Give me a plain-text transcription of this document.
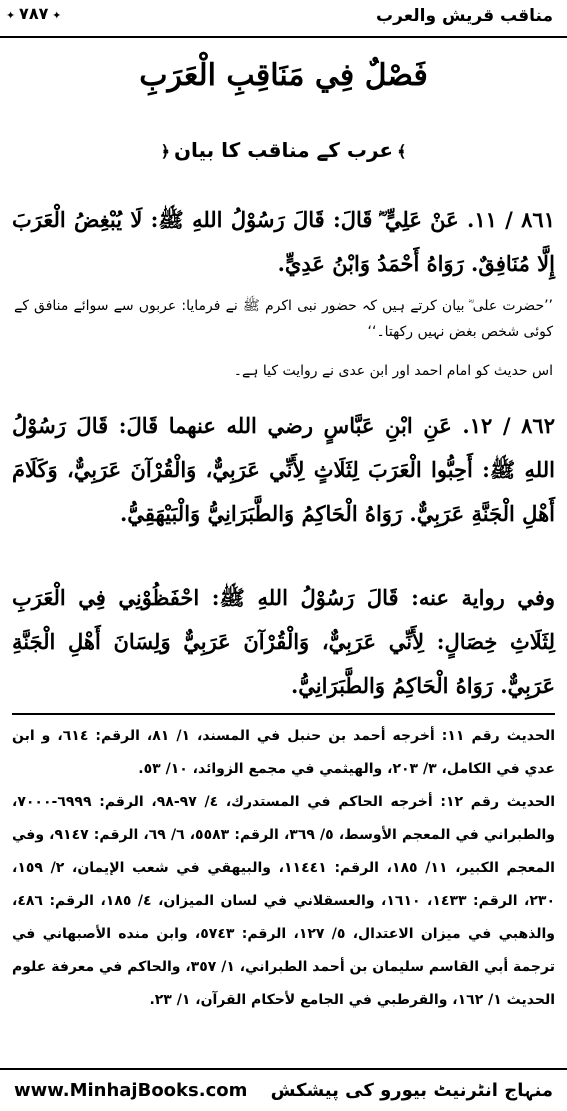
مناقب قريش والعرب
✦ ٧٨٧ ✦
فَصْلٌ فِي مَنَاقِبِ الْعَرَبِ
﴾عرب کے مناقب کا بیان﴿
٨٦١ / ١١. عَنْ عَلِيٍّ ؓ قَالَ: قَالَ رَسُوْلُ اللهِ ﷺ: لَا يُبْغِضُ الْعَرَبَ إِلَّا مُنَافِقٌ. رَوَاهُ أَحْمَدُ وَابْنُ عَدِيٍّ.
’’حضرت علی ؓ بیان کرتے ہیں کہ حضور نبی اکرم ﷺ نے فرمایا: عربوں سے سوائے منافق کے کوئی شخص بغض نہیں رکھتا۔‘‘
اس حدیث کو امام احمد اور ابن عدی نے روایت کیا ہے۔
٨٦٢ / ١٢. عَنِ ابْنِ عَبَّاسٍ رضي الله عنهما قَالَ: قَالَ رَسُوْلُ اللهِ ﷺ: أَحِبُّوا الْعَرَبَ لِثَلَاثٍ لِأَنِّي عَرَبِيٌّ، وَالْقُرْآنَ عَرَبِيٌّ، وَكَلَامَ أَهْلِ الْجَنَّةِ عَرَبِيٌّ. رَوَاهُ الْحَاكِمُ وَالطَّبَرَانِيُّ وَالْبَيْهَقِيُّ.
وفي رواية عنه: قَالَ رَسُوْلُ اللهِ ﷺ: احْفَظُوْنِي فِي الْعَرَبِ لِثَلَاثِ خِصَالٍ: لِأَنِّي عَرَبِيٌّ، وَالْقُرْآنَ عَرَبِيٌّ وَلِسَانَ أَهْلِ الْجَنَّةِ عَرَبِيٌّ. رَوَاهُ الْحَاكِمُ وَالطَّبَرَانِيُّ.

الحديث رقم ١١: أخرجه أحمد بن حنبل في المسند، ١/ ٨١، الرقم: ٦١٤، و ابن عدي في الكامل، ٣/ ٢٠٣، والهيثمي في مجمع الزوائد، ١٠/ ٥٣.

الحديث رقم ١٢: أخرجه الحاكم في المستدرك، ٤/ ٩٧-٩٨، الرقم: ٦٩٩٩-٧٠٠٠، والطبراني في المعجم الأوسط، ٥/ ٣٦٩، الرقم: ٥٥٨٣، ٦/ ٦٩، الرقم: ٩١٤٧، وفي المعجم الكبير، ١١/ ١٨٥، الرقم: ١١٤٤١، والبيهقي في شعب الإيمان، ٢/ ١٥٩، ٢٣٠، الرقم: ١٤٣٣، ١٦١٠، والعسقلاني في لسان الميزان، ٤/ ١٨٥، الرقم: ٤٨٦، والذهبي في ميزان الاعتدال، ٥/ ١٢٧، الرقم: ٥٧٤٣، وابن منده الأصبهاني في ترجمة أبي القاسم سليمان بن أحمد الطبراني، ١/ ٣٥٧، والحاكم في معرفة علوم الحديث ١/ ١٦٢، والقرطبي في الجامع لأحكام القرآن، ١/ ٢٣.

www.MinhajBooks.com منہاج انٹرنیٹ بیورو کی پیشکش
